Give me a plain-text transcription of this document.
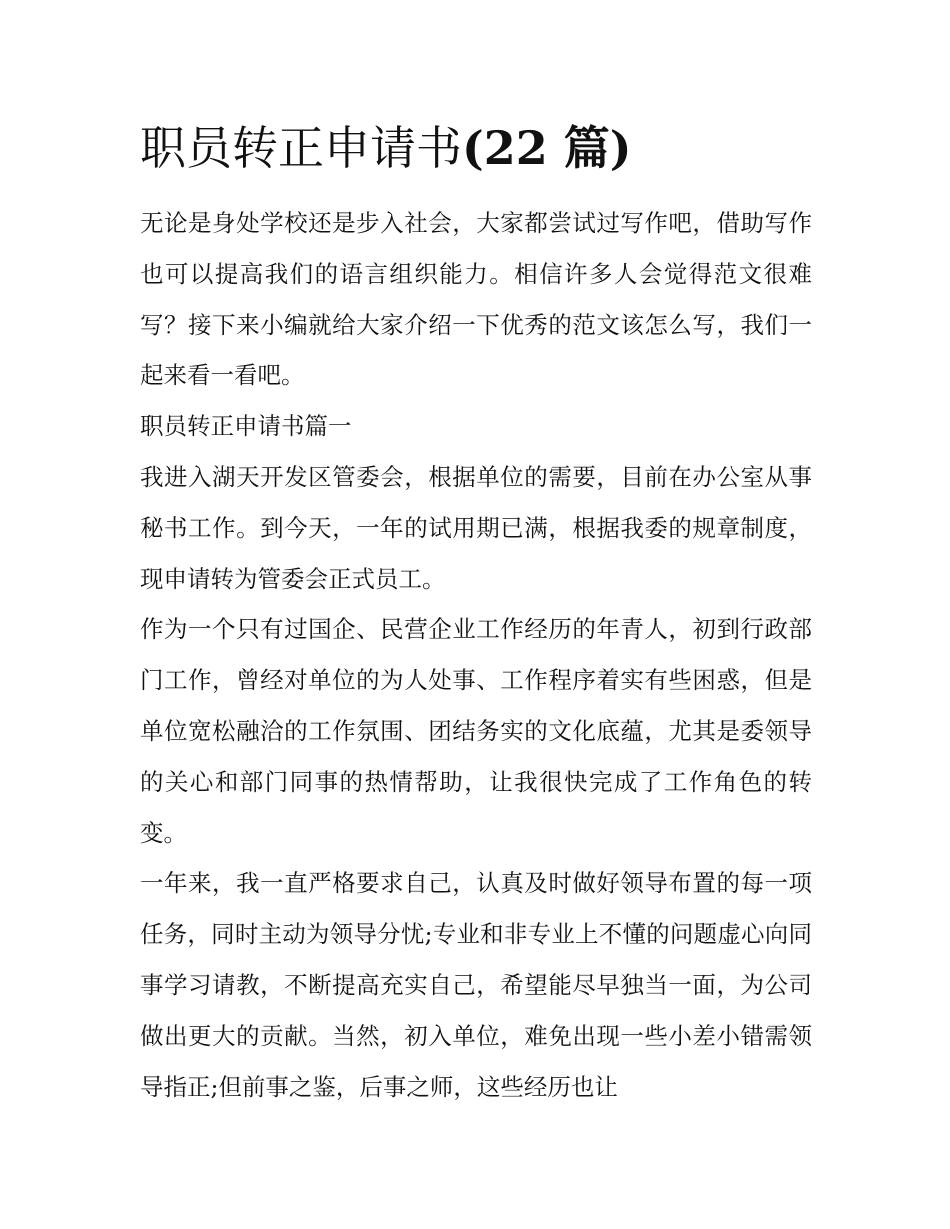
职员转正申请书(22 篇)

无论是身处学校还是步入社会，大家都尝试过写作吧，借助写作也可以提高我们的语言组织能力。相信许多人会觉得范文很难写？接下来小编就给大家介绍一下优秀的范文该怎么写，我们一起来看一看吧。

职员转正申请书篇一

我进入湖天开发区管委会，根据单位的需要，目前在办公室从事秘书工作。到今天，一年的试用期已满，根据我委的规章制度，现申请转为管委会正式员工。

作为一个只有过国企、民营企业工作经历的年青人，初到行政部门工作，曾经对单位的为人处事、工作程序着实有些困惑，但是单位宽松融洽的工作氛围、团结务实的文化底蕴，尤其是委领导的关心和部门同事的热情帮助，让我很快完成了工作角色的转变。

一年来，我一直严格要求自己，认真及时做好领导布置的每一项任务，同时主动为领导分忧;专业和非专业上不懂的问题虚心向同事学习请教，不断提高充实自己，希望能尽早独当一面，为公司做出更大的贡献。当然，初入单位，难免出现一些小差小错需领导指正;但前事之鉴，后事之师，这些经历也让
